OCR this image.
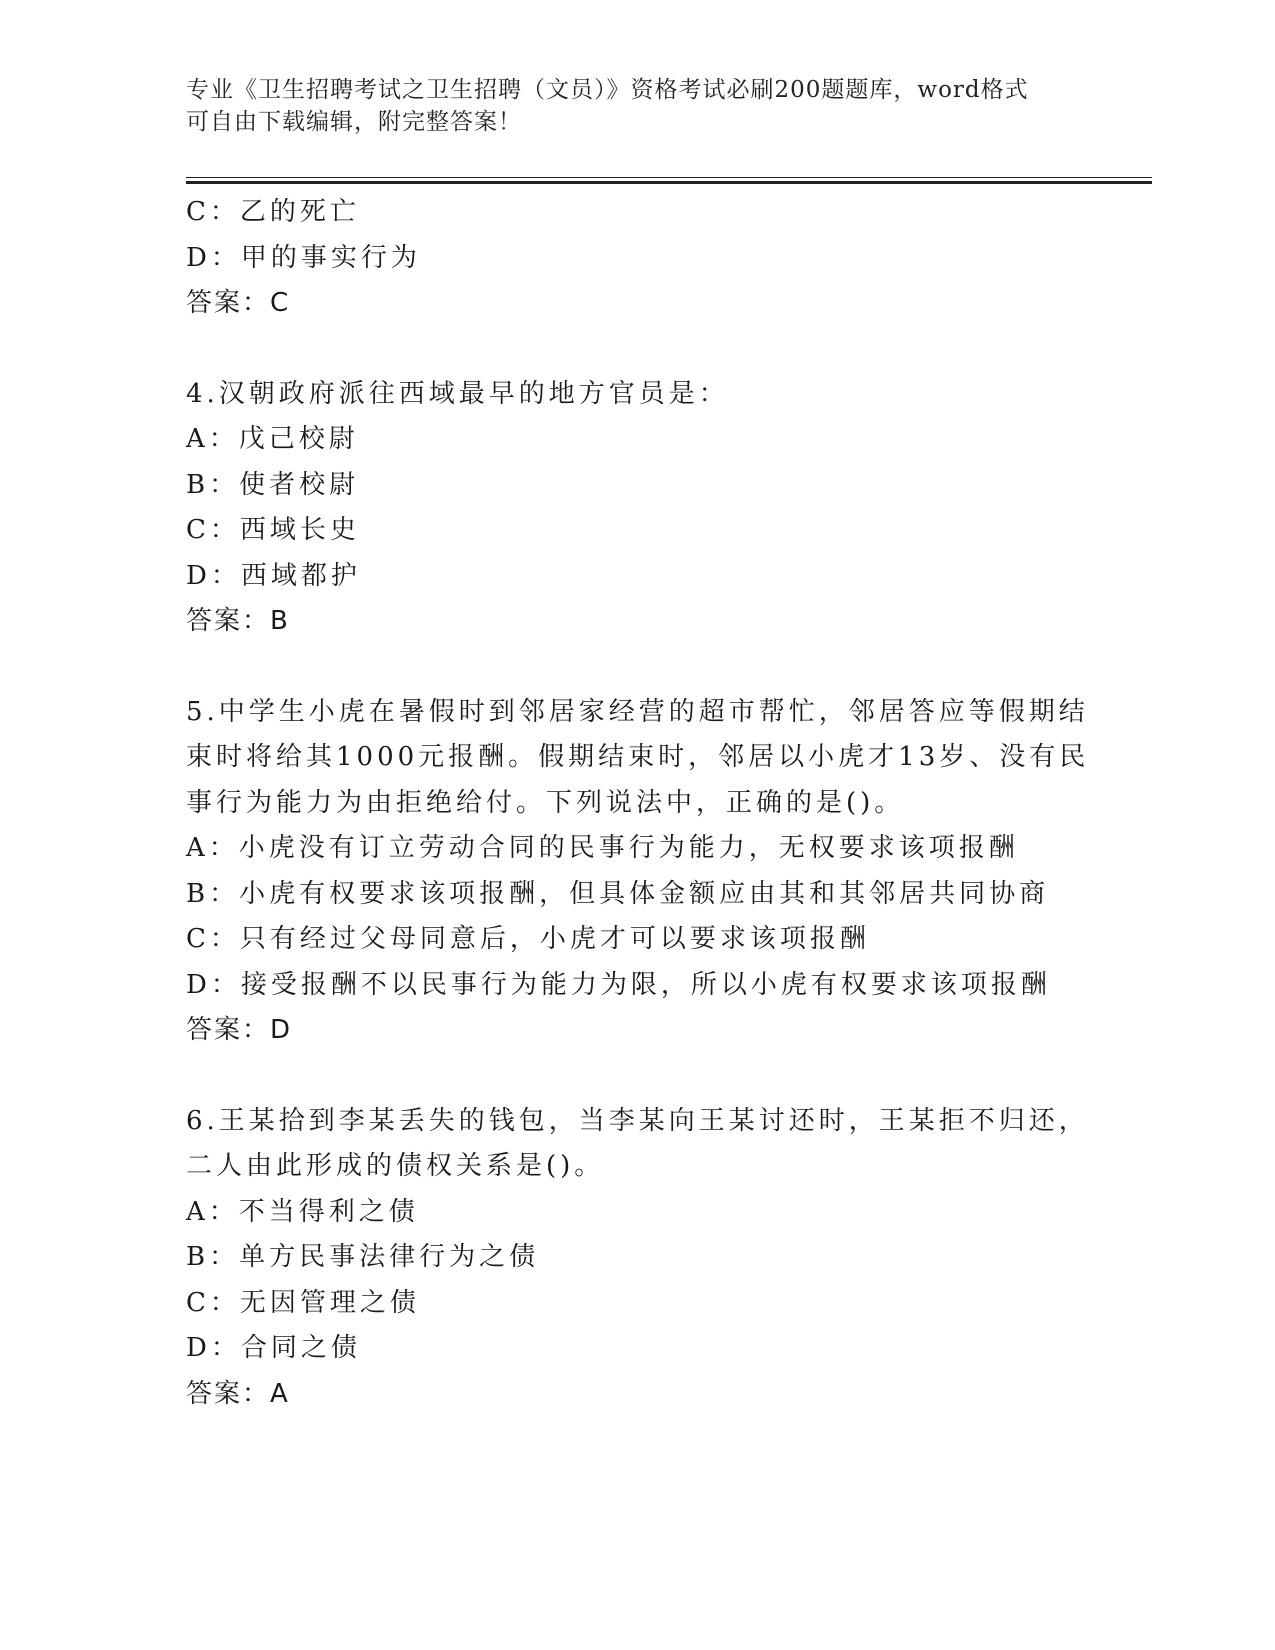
专业《卫生招聘考试之卫生招聘（文员）》资格考试必刷200题题库，word格式
可自由下载编辑，附完整答案！
C：乙的死亡
D：甲的事实行为
答案：C
4.汉朝政府派往西域最早的地方官员是：
A：戊己校尉
B：使者校尉
C：西域长史
D：西域都护
答案：B
5.中学生小虎在暑假时到邻居家经营的超市帮忙，邻居答应等假期结
束时将给其1000元报酬。假期结束时，邻居以小虎才13岁、没有民
事行为能力为由拒绝给付。下列说法中，正确的是()。
A：小虎没有订立劳动合同的民事行为能力，无权要求该项报酬
B：小虎有权要求该项报酬，但具体金额应由其和其邻居共同协商
C：只有经过父母同意后，小虎才可以要求该项报酬
D：接受报酬不以民事行为能力为限，所以小虎有权要求该项报酬
答案：D
6.王某拾到李某丢失的钱包，当李某向王某讨还时，王某拒不归还，
二人由此形成的债权关系是()。
A：不当得利之债
B：单方民事法律行为之债
C：无因管理之债
D：合同之债
答案：A
